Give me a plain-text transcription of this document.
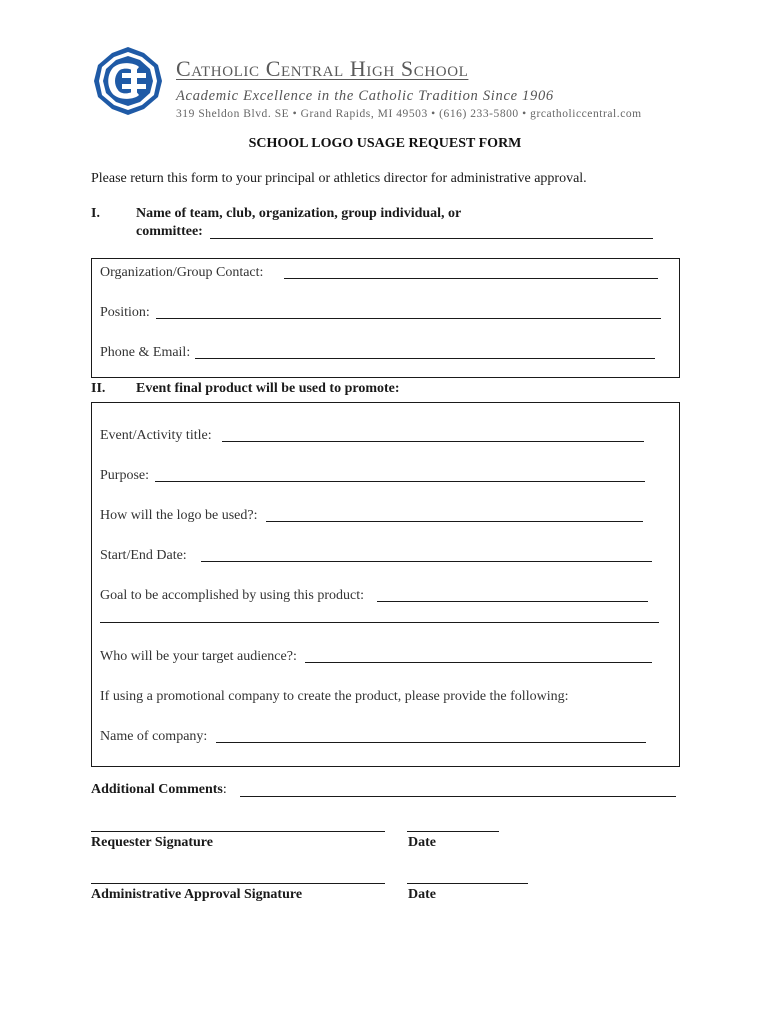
Catholic Central High School
Academic Excellence in the Catholic Tradition Since 1906
319 Sheldon Blvd. SE • Grand Rapids, MI 49503 • (616) 233-5800 • grcatholiccentral.com
SCHOOL LOGO USAGE REQUEST FORM
Please return this form to your principal or athletics director for administrative approval.
I.	Name of team, club, organization, group individual, or
committee:
Organization/Group Contact:
Position:
Phone & Email:
II. Event final product will be used to promote:
Event/Activity title:
Purpose:
How will the logo be used?:
Start/End Date:
Goal to be accomplished by using this product:
Who will be your target audience?:
If using a promotional company to create the product, please provide the following:
Name of company:
Additional Comments:
Requester Signature	Date
Administrative Approval Signature	Date
